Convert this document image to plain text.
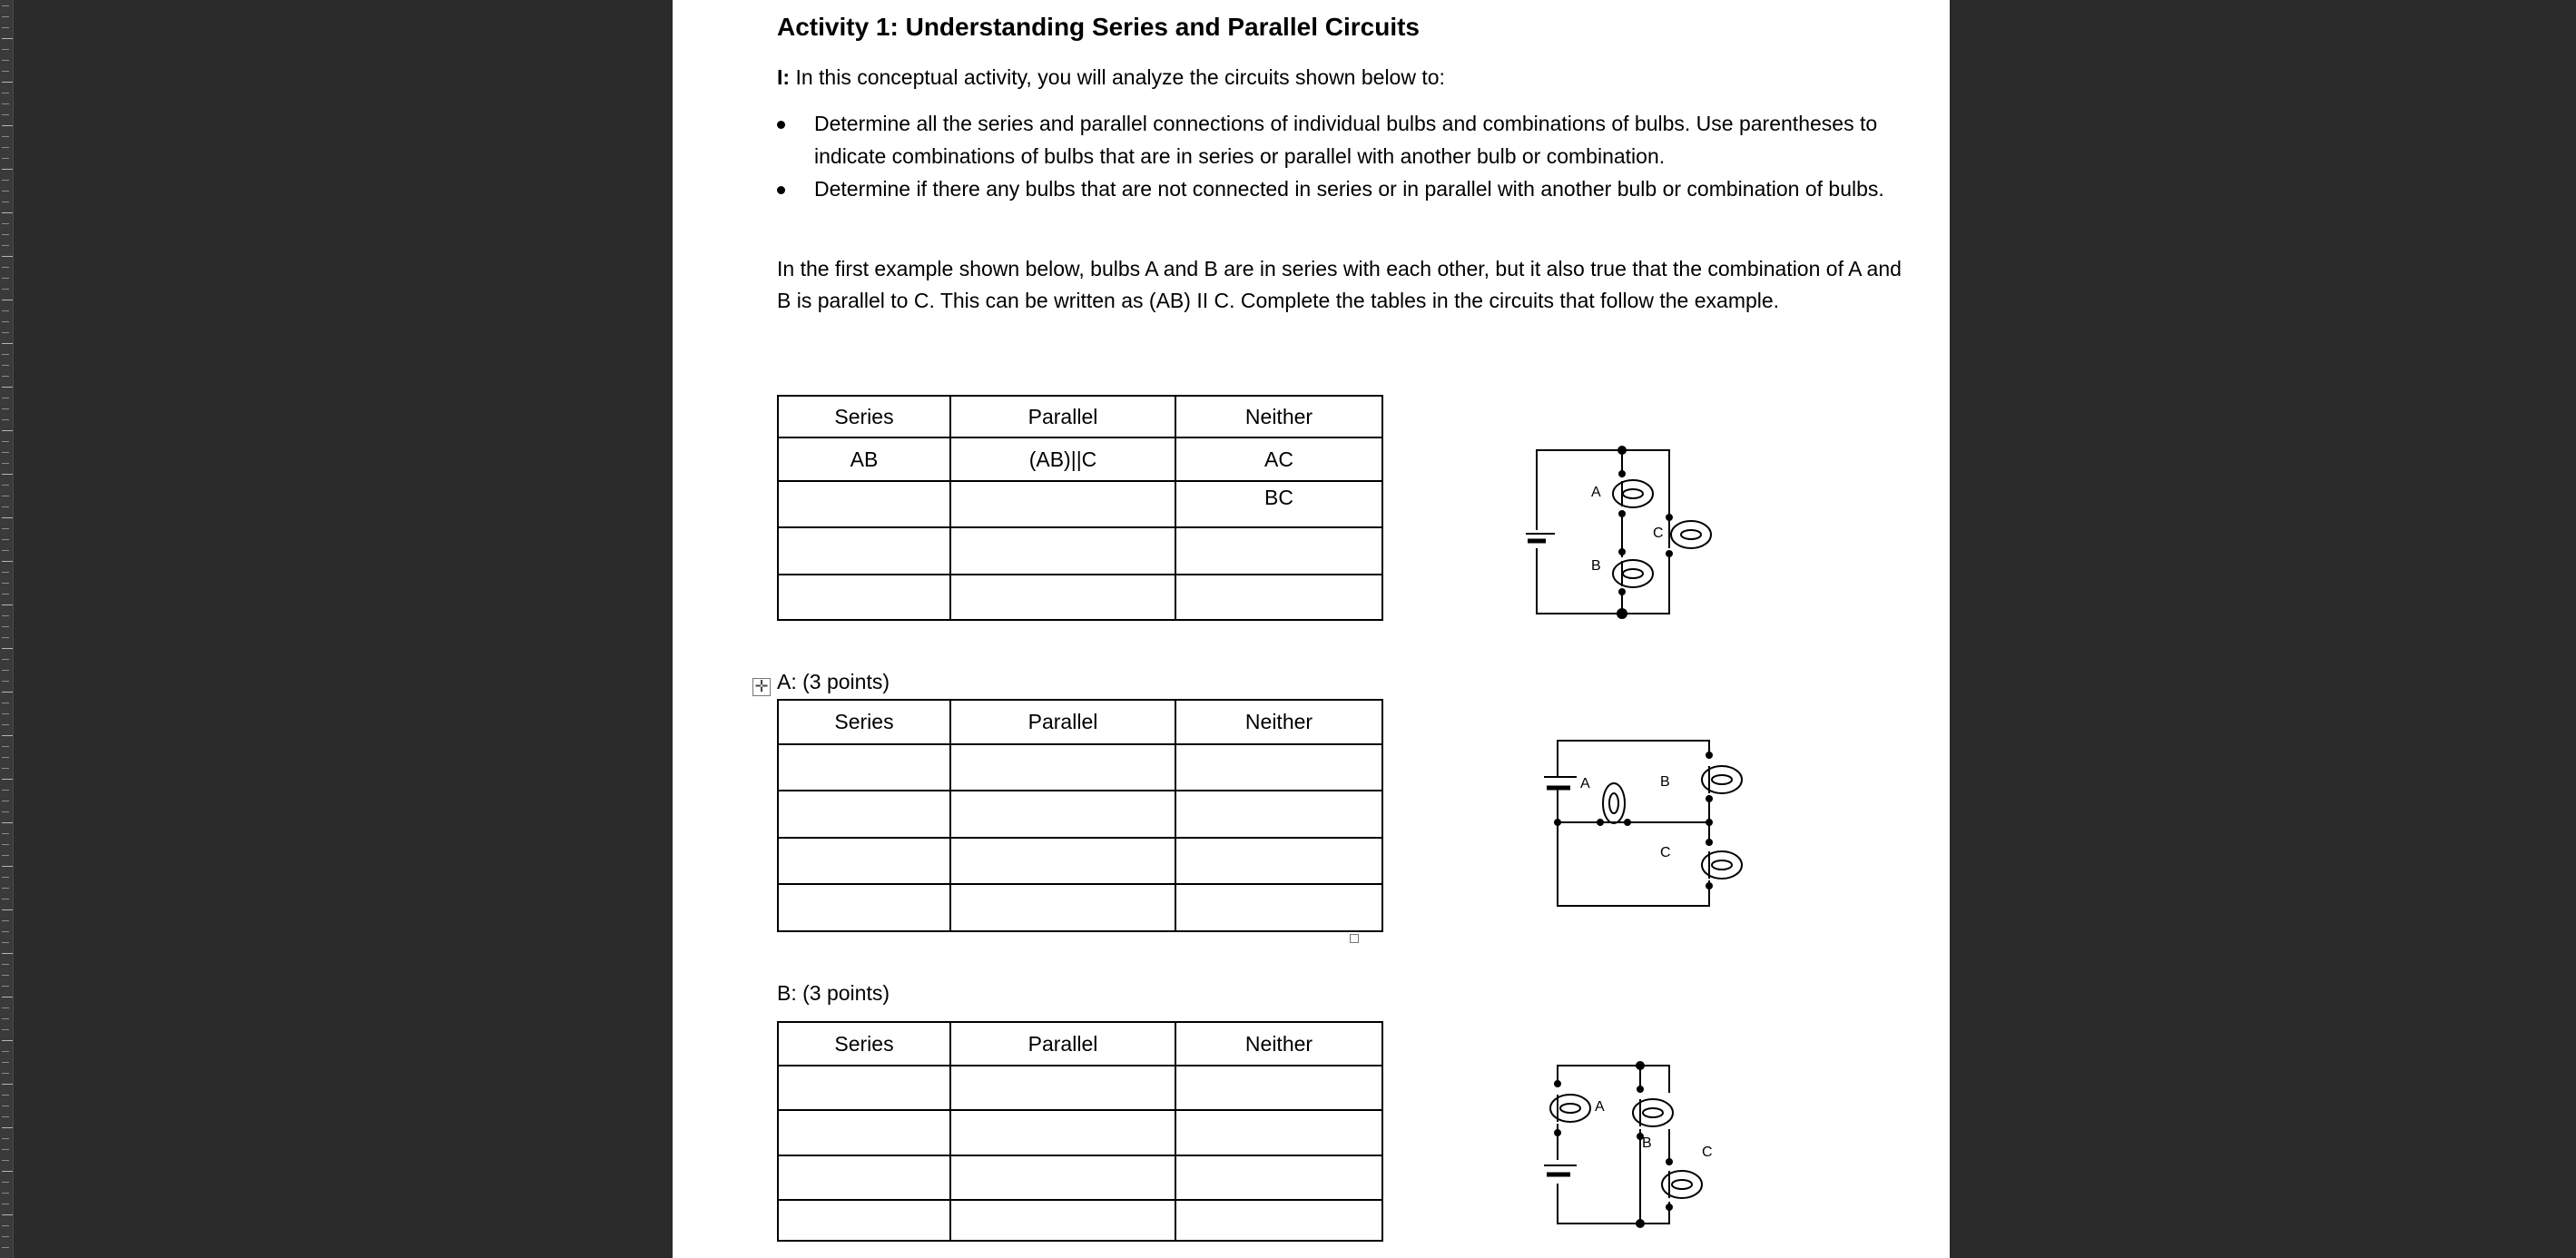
Activity 1: Understanding Series and Parallel Circuits
I: In this conceptual activity, you will analyze the circuits shown below to:
Determine all the series and parallel connections of individual bulbs and combinations of bulbs. Use parentheses to indicate combinations of bulbs that are in series or parallel with another bulb or combination.
Determine if there any bulbs that are not connected in series or in parallel with another bulb or combination of bulbs.
In the first example shown below, bulbs A and B are in series with each other, but it also true that the combination of A and B is parallel to C. This can be written as (AB) II C. Complete the tables in the circuits that follow the example.
Series	Parallel	Neither
AB	(AB)||C	AC
		BC

✛ A: (3 points)
Series	Parallel	Neither

B: (3 points)
Series	Parallel	Neither

A
B
C
A	B
C
A
B
C
